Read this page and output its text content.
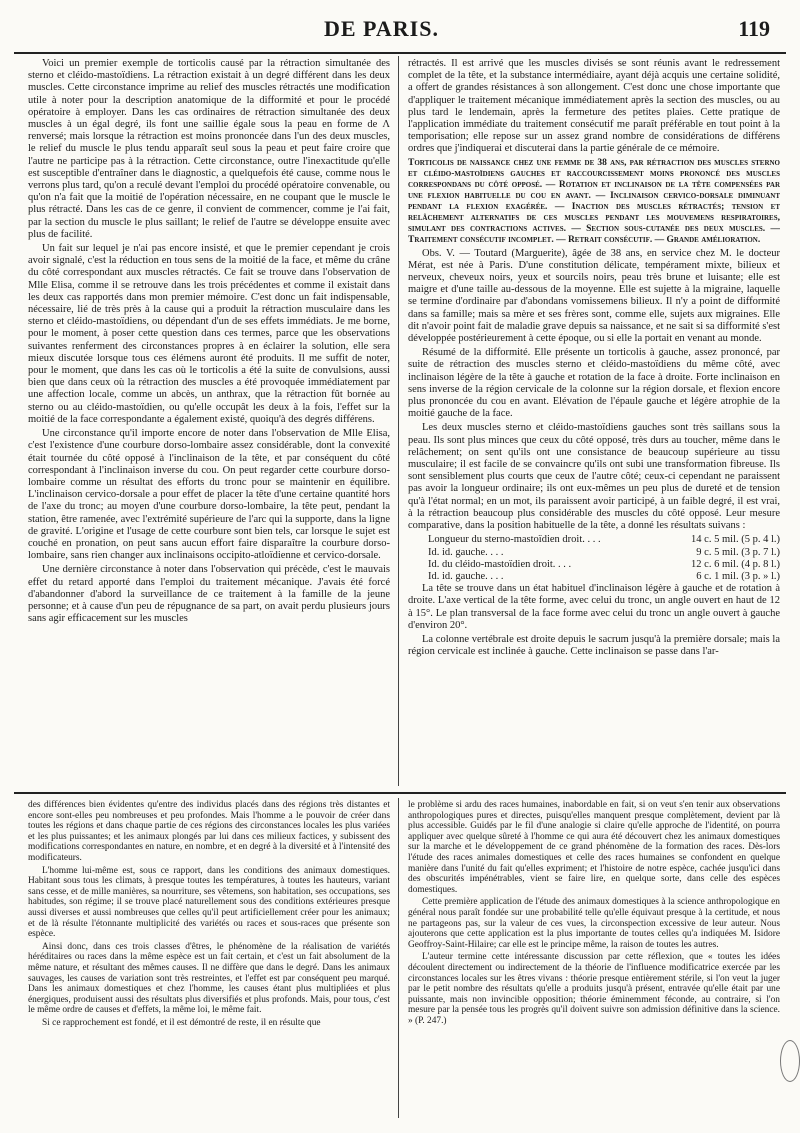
DE PARIS.	119

Voici un premier exemple de torticolis causé par la rétraction simultanée des sterno et cléido-mastoïdiens. La rétraction existait à un degré différent dans les deux muscles. Cette circonstance imprime au relief des muscles rétractés une modification utile à noter pour la description anatomique de la difformité et pour le procédé opératoire à employer. Dans les cas ordinaires de rétraction simultanée des deux muscles à un égal degré, ils font une saillie égale sous la peau en forme de Λ renversé; mais lorsque la rétraction est moins prononcée dans l'un des deux muscles, le relief du muscle le plus tendu apparaît seul sous la peau et peut faire croire que l'autre ne participe pas à la rétraction. Cette circonstance, outre l'inexactitude qu'elle est susceptible d'entraîner dans le diagnostic, a quelquefois été cause, comme nous le verrons plus tard, qu'on a reculé devant l'emploi du procédé opératoire convenable, ou qu'on n'a fait que la moitié de l'opération nécessaire, en ne coupant que le muscle le plus rétracté. Dans les cas de ce genre, il convient de commencer, comme je l'ai fait, par la section du muscle le plus saillant; le relief de l'autre se développe ensuite avec plus de facilité.

Un fait sur lequel je n'ai pas encore insisté, et que le premier cependant je crois avoir signalé, c'est la réduction en tous sens de la moitié de la face, et même du crâne du côté correspondant aux muscles rétractés. Ce fait se trouve dans l'observation de Mlle Elisa, comme il se retrouve dans les trois précédentes et comme il existait dans les deux cas rapportés dans mon premier mémoire. C'est donc un fait indispensable, nécessaire, lié de très près à la cause qui a produit la rétraction musculaire dans les sterno et cléido-mastoïdiens, ou dépendant d'un de ses effets immédiats. Je me borne, pour le moment, à poser cette question dans ces termes, parce que les observations suivantes renferment des circonstances propres à en éclairer la solution, elle sera mieux discutée lorsque tous ces élémens auront été produits. Il me suffit de noter, pour le moment, que dans les cas où le torticolis a été la suite de convulsions, aussi bien que dans ceux où la rétraction des muscles a été provoquée immédiatement par une affection locale, comme un abcès, un anthrax, que la rétraction fût bornée au sterno ou au cléido-mastoïdien, ou qu'elle occupât les deux à la fois, l'effet sur la moitié de la face correspondante a également existé, quoiqu'à des degrés différens.

Une circonstance qu'il importe encore de noter dans l'observation de Mlle Elisa, c'est l'existence d'une courbure dorso-lombaire assez considérable, dont la convexité était tournée du côté opposé à l'inclinaison de la tête, et par conséquent du côté correspondant à l'inclinaison inverse du cou. On peut regarder cette courbure dorso-lombaire comme un résultat des efforts du tronc pour se maintenir en équilibre. L'inclinaison cervico-dorsale a pour effet de placer la tête d'une certaine quantité hors de l'axe du tronc; au moyen d'une courbure dorso-lombaire, la tête peut, pendant la station, être ramenée, avec l'extrémité supérieure de l'arc qui la supporte, dans la ligne de gravité. L'origine et l'usage de cette courbure sont bien tels, car lorsque le sujet est couché en pronation, on peut sans aucun effort faire disparaître la courbure dorso-lombaire, sans rien changer aux inclinaisons occipito-atloïdienne et cervico-dorsale.

Une dernière circonstance à noter dans l'observation qui précède, c'est le mauvais effet du retard apporté dans l'emploi du traitement mécanique. J'avais été forcé d'abandonner d'abord la surveillance de ce traitement à la famille de la jeune personne; et à cause d'un peu de répugnance de sa part, on avait perdu plusieurs jours sans agir efficacement sur les muscles

rétractés. Il est arrivé que les muscles divisés se sont réunis avant le redressement complet de la tête, et la substance intermédiaire, ayant déjà acquis une certaine solidité, a offert de grandes résistances à son allongement. C'est donc une chose importante que d'appliquer le traitement mécanique immédiatement après la section des muscles, ou au plus tard le lendemain, après la fermeture des petites plaies. Cette pratique de l'application immédiate du traitement consécutif me paraît préférable en tout point à la temporisation; elle repose sur un assez grand nombre de considérations de différens ordres que j'indiquerai et discuterai dans la partie générale de ce mémoire.

Torticolis de naissance chez une femme de 38 ans, par rétraction des muscles sterno et cléido-mastoïdiens gauches et raccourcissement moins prononcé des muscles correspondans du côté opposé. — Rotation et inclinaison de la tête compensées par une flexion habituelle du cou en avant. — Inclinaison cervico-dorsale diminuant pendant la flexion exagérée. — Inaction des muscles rétractés; tension et relâchement alternatifs de ces muscles pendant les mouvemens respiratoires, simulant des contractions actives. — Section sous-cutanée des deux muscles. — Traitement consécutif incomplet. — Retrait consécutif. — Grande amélioration.

Obs. V. — Toutard (Marguerite), âgée de 38 ans, en service chez M. le docteur Mérat, est née à Paris. D'une constitution délicate, tempérament mixte, bilieux et nerveux, cheveux noirs, yeux et sourcils noirs, peau très brune et luisante; elle est maigre et d'une taille au-dessous de la moyenne. Elle est sujette à la migraine, laquelle se termine d'ordinaire par d'abondans vomissemens bilieux. Il n'y a point de difformité dans sa famille; mais sa mère et ses frères sont, comme elle, sujets aux migraines. Elle dit n'avoir point fait de maladie grave depuis sa naissance, et ne sait si sa difformité s'est développée postérieurement à cette époque, ou si elle la portait en venant au monde.

Résumé de la difformité. Elle présente un torticolis à gauche, assez prononcé, par suite de rétraction des muscles sterno et cléido-mastoïdiens du même côté, avec inclinaison légère de la tête à gauche et rotation de la face à droite. Forte inclinaison en sens inverse de la région cervicale de la colonne sur la région dorsale, et flexion encore plus prononcée du cou en avant. Elévation de l'épaule gauche et légère atrophie de la moitié gauche de la face.

Les deux muscles sterno et cléido-mastoïdiens gauches sont très saillans sous la peau. Ils sont plus minces que ceux du côté opposé, très durs au toucher, même dans le relâchement; on sent qu'ils ont une consistance de beaucoup supérieure au tissu musculaire; il est facile de se convaincre qu'ils ont subi une transformation fibreuse. Ils sont sensiblement plus courts que ceux de l'autre côté; ceux-ci cependant ne paraissent pas avoir la longueur ordinaire; ils ont eux-mêmes un peu plus de dureté et de tension qu'à l'état normal; en un mot, ils paraissent avoir participé, à un faible degré, il est vrai, à la rétraction beaucoup plus considérable des muscles du côté opposé. Leur mesure comparative, dans la position habituelle de la tête, a donné les résultats suivans :

Longueur du sterno-mastoïdien droit. . . .	14 c. 5 mil. (5 p. 4 l.)
Id. id. gauche. . . .	9 c. 5 mil. (3 p. 7 l.)
Id. du cléido-mastoïdien droit. . . .	12 c. 6 mil. (4 p. 8 l.)
Id. id. gauche. . . .	6 c. 1 mil. (3 p. » l.)

La tête se trouve dans un état habituel d'inclinaison légère à gauche et de rotation à droite. L'axe vertical de la tête forme, avec celui du tronc, un angle ouvert en haut de 12 à 15°. Le plan transversal de la face forme avec celui du tronc un angle ouvert à gauche d'environ 20°.

La colonne vertébrale est droite depuis le sacrum jusqu'à la première dorsale; mais la région cervicale est inclinée à gauche. Cette inclinaison se passe dans l'ar-

des différences bien évidentes qu'entre des individus placés dans des régions très distantes et encore sont-elles peu nombreuses et peu profondes. Mais l'homme a le pouvoir de créer dans toutes les régions et dans chaque partie de ces régions des circonstances locales les plus variées et les plus puissantes; et les animaux plongés par lui dans ces milieux factices, y subissent des modifications correspondantes en nature, en nombre, et en degré à la diversité et à l'intensité des modificateurs.

L'homme lui-même est, sous ce rapport, dans les conditions des animaux domestiques. Habitant sous tous les climats, à presque toutes les températures, à toutes les hauteurs, variant sans cesse, et de mille manières, sa nourriture, ses vêtemens, son habitation, ses occupations, ses habitudes, son régime; il se trouve placé naturellement sous des conditions extérieures presque aussi diverses et aussi nombreuses que celles qu'il peut artificiellement créer pour les animaux; et de là résulte l'étonnante multiplicité des variétés ou races et sous-races que présente son espèce.

Ainsi donc, dans ces trois classes d'êtres, le phénomène de la réalisation de variétés héréditaires ou races dans la même espèce est un fait certain, et c'est un fait absolument de la même nature, et résultant des mêmes causes. Il ne diffère que dans le degré. Dans les animaux sauvages, les causes de variation sont très restreintes, et l'effet est par conséquent peu marqué. Dans les animaux domestiques et chez l'homme, les causes étant plus multipliées et plus énergiques, produisent aussi des résultats plus diversifiés et plus profonds. Mais, pour tous, c'est le même ordre de causes et d'effets, la même loi, le même fait.

Si ce rapprochement est fondé, et il est démontré de reste, il en résulte que

le problème si ardu des races humaines, inabordable en fait, si on veut s'en tenir aux observations anthropologiques pures et directes, puisqu'elles manquent presque complètement, devient par là plus accessible. Guidés par le fil d'une analogie si claire qu'elle approche de l'identité, on pourra appliquer avec quelque sûreté à l'homme ce qui aura été découvert chez les animaux domestiques sur la marche et le développement de ce grand phénomène de la formation des races. Dès-lors l'étude des races animales domestiques et celle des races humaines se confondent en quelque manière dans l'unité du fait qu'elles expriment; et l'histoire de notre espèce, cachée jusqu'ici dans des obscurités impénétrables, vient se faire lire, en quelque sorte, dans celle des espèces domestiques.

Cette première application de l'étude des animaux domestiques à la science anthropologique en général nous paraît fondée sur une probabilité telle qu'elle équivaut presque à la certitude, et nous ne partageons pas, sur la valeur de ces vues, la circonspection excessive de leur auteur. Nous ajouterons que cette application est la plus importante de toutes celles qu'a indiquées M. Isidore Geoffroy-Saint-Hilaire; car elle est le principe même, la raison de toutes les autres.

L'auteur termine cette intéressante discussion par cette réflexion, que « toutes les idées découlent directement ou indirectement de la théorie de l'influence modificatrice exercée par les circonstances locales sur les êtres vivans : théorie presque entièrement stérile, si l'on veut la juger par le petit nombre des résultats qu'elle a produits jusqu'à présent, entravée qu'elle était par une puissante, mais non invincible opposition; théorie éminemment féconde, au contraire, si l'on mesure par la pensée tous les progrès qu'il doivent suivre son admission définitive dans la science. » (P. 247.)
